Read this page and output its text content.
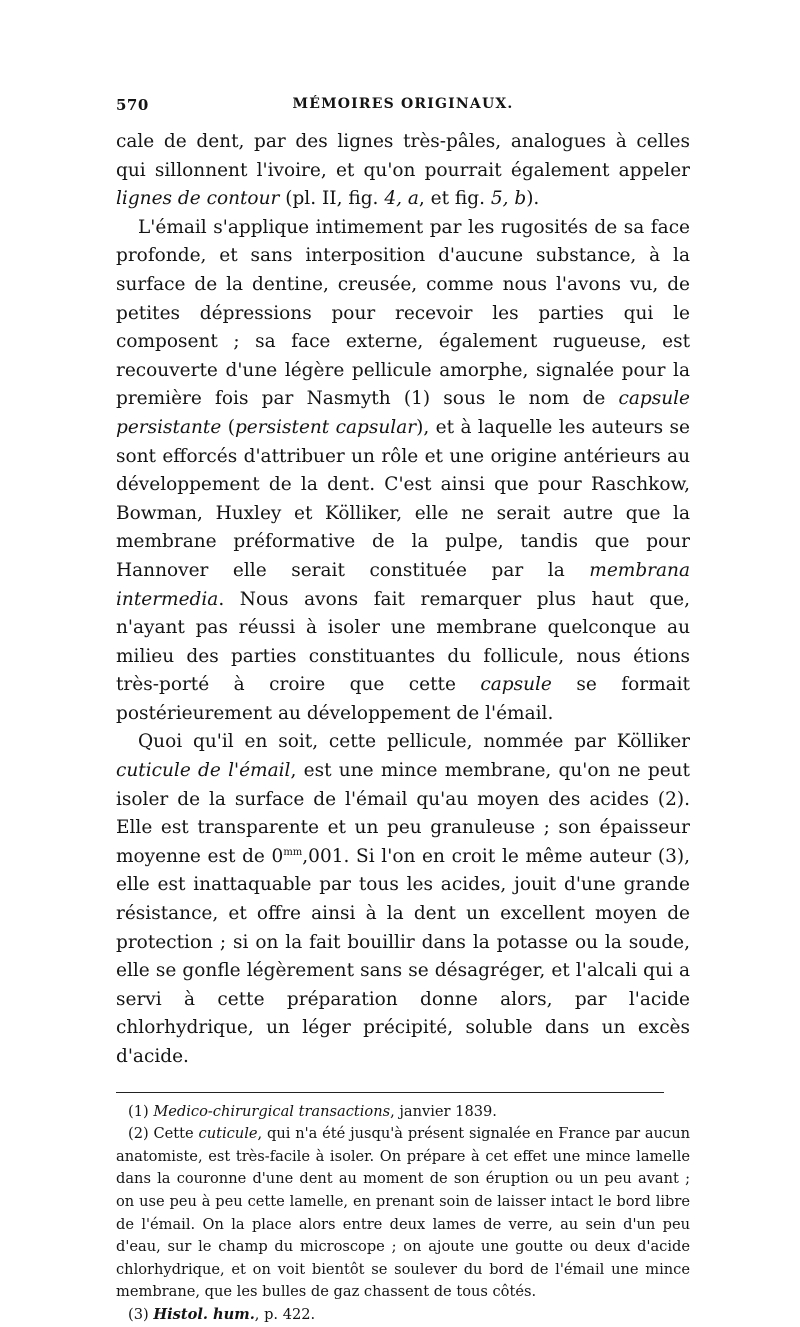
570	MÉMOIRES ORIGINAUX.

cale de dent, par des lignes très-pâles, analogues à celles qui sillonnent l'ivoire, et qu'on pourrait également appeler lignes de contour (pl. II, fig. 4, a, et fig. 5, b).

L'émail s'applique intimement par les rugosités de sa face profonde, et sans interposition d'aucune substance, à la surface de la dentine, creusée, comme nous l'avons vu, de petites dépressions pour recevoir les parties qui le composent ; sa face externe, également rugueuse, est recouverte d'une légère pellicule amorphe, signalée pour la première fois par Nasmyth (1) sous le nom de capsule persistante (persistent capsular), et à laquelle les auteurs se sont efforcés d'attribuer un rôle et une origine antérieurs au développement de la dent. C'est ainsi que pour Raschkow, Bowman, Huxley et Kölliker, elle ne serait autre que la membrane préformative de la pulpe, tandis que pour Hannover elle serait constituée par la membrana intermedia. Nous avons fait remarquer plus haut que, n'ayant pas réussi à isoler une membrane quelconque au milieu des parties constituantes du follicule, nous étions très-porté à croire que cette capsule se formait postérieurement au développement de l'émail.

Quoi qu'il en soit, cette pellicule, nommée par Kölliker cuticule de l'émail, est une mince membrane, qu'on ne peut isoler de la surface de l'émail qu'au moyen des acides (2). Elle est transparente et un peu granuleuse ; son épaisseur moyenne est de $0^{mm},001$. Si l'on en croit le même auteur (3), elle est inattaquable par tous les acides, jouit d'une grande résistance, et offre ainsi à la dent un excellent moyen de protection ; si on la fait bouillir dans la potasse ou la soude, elle se gonfle légèrement sans se désagréger, et l'alcali qui a servi à cette préparation donne alors, par l'acide chlorhydrique, un léger précipité, soluble dans un excès d'acide.

(1) Medico-chirurgical transactions, janvier 1839.

(2) Cette cuticule, qui n'a été jusqu'à présent signalée en France par aucun anatomiste, est très-facile à isoler. On prépare à cet effet une mince lamelle dans la couronne d'une dent au moment de son éruption ou un peu avant ; on use peu à peu cette lamelle, en prenant soin de laisser intact le bord libre de l'émail. On la place alors entre deux lames de verre, au sein d'un peu d'eau, sur le champ du microscope ; on ajoute une goutte ou deux d'acide chlorhydrique, et on voit bientôt se soulever du bord de l'émail une mince membrane, que les bulles de gaz chassent de tous côtés.

(3) Histol. hum., p. 422.
